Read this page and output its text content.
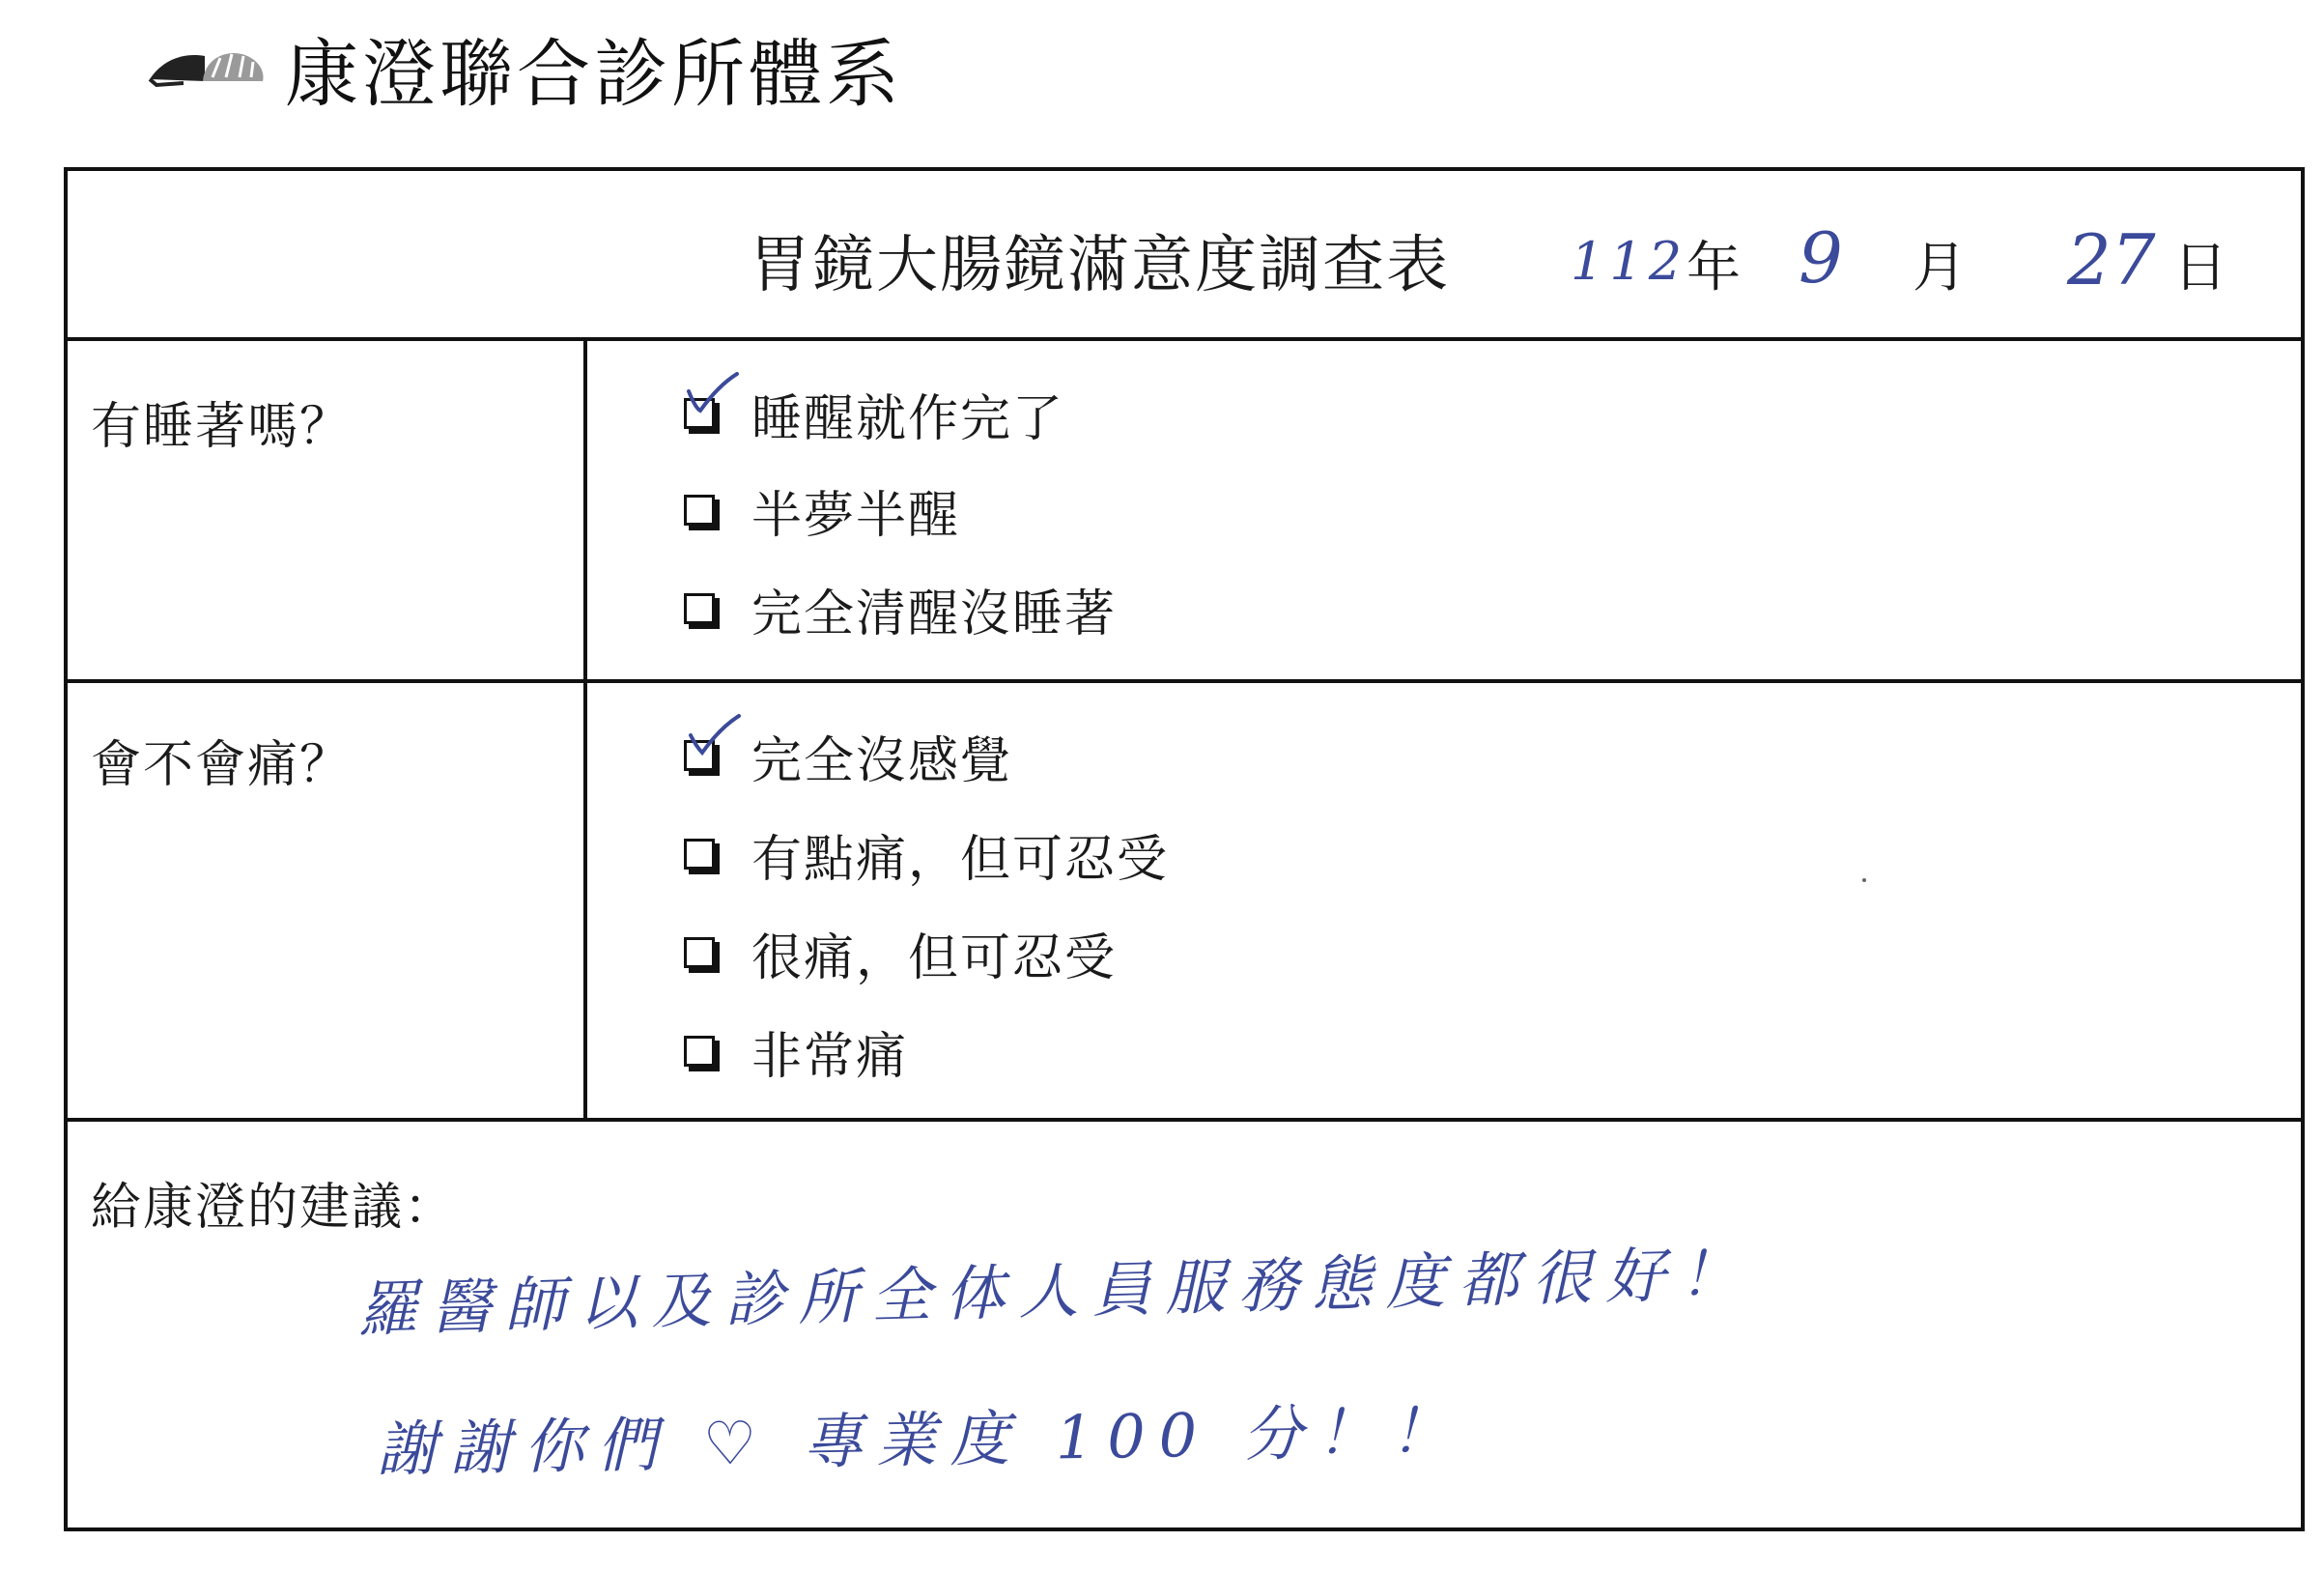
康澄聯合診所體系
胃鏡大腸鏡滿意度調查表 112
年 9 月 27 日
有睡著嗎？	睡醒就作完了
半夢半醒
完全清醒沒睡著
會不會痛？	完全沒感覺
有點痛，但可忍受
很痛，但可忍受
非常痛
給康澄的建議：
羅醫師以及診所全体人員服務態度都很好！
謝謝你們 ♡ 專業度 100 分！！
